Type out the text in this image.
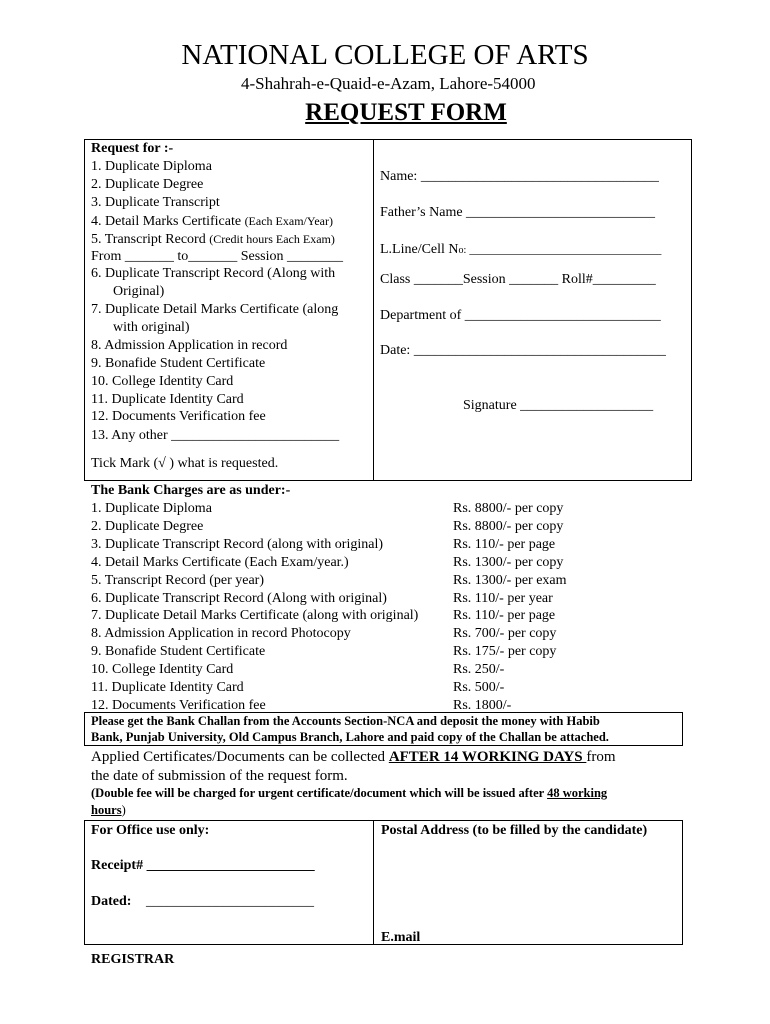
NATIONAL COLLEGE OF ARTS
4-Shahrah-e-Quaid-e-Azam, Lahore-54000
REQUEST FORM
Request for :-
1. Duplicate Diploma
2. Duplicate Degree
3. Duplicate Transcript
4. Detail Marks Certificate (Each Exam/Year)
5. Transcript Record (Credit hours Each Exam)
From _______ to_______ Session ________
6. Duplicate Transcript Record (Along with
Original)
7. Duplicate Detail Marks Certificate (along
with original)
8. Admission Application in record
9. Bonafide Student Certificate
10. College Identity Card
11. Duplicate Identity Card
12. Documents Verification fee
13. Any other ________________________
Tick Mark (√ ) what is requested.
Name: __________________________________
Father’s Name ___________________________
L.Line/Cell No: ________________________________
Class _______Session _______ Roll#_________
Department of ____________________________
Date: ____________________________________
Signature ___________________
The Bank Charges are as under:-
1. Duplicate Diploma	Rs. 8800/- per copy
2. Duplicate Degree	Rs. 8800/- per copy
3. Duplicate Transcript Record (along with original)	Rs. 110/- per page
4. Detail Marks Certificate (Each Exam/year.)	Rs. 1300/- per copy
5. Transcript Record (per year)	Rs. 1300/- per exam
6. Duplicate Transcript Record (Along with original)	Rs. 110/- per year
7. Duplicate Detail Marks Certificate (along with original) Rs. 110/- per page
8. Admission Application in record Photocopy	Rs. 700/- per copy
9. Bonafide Student Certificate	Rs. 175/- per copy
10. College Identity Card	Rs. 250/-
11. Duplicate Identity Card	Rs. 500/-
12. Documents Verification fee	Rs. 1800/-
Please get the Bank Challan from the Accounts Section-NCA and deposit the money with Habib
Bank, Punjab University, Old Campus Branch, Lahore and paid copy of the Challan be attached.
Applied Certificates/Documents can be collected AFTER 14 WORKING DAYS from
the date of submission of the request form.
(Double fee will be charged for urgent certificate/document which will be issued after 48 working
hours)
For Office use only:
Receipt# ________________________
Dated: ________________________
Postal Address (to be filled by the candidate)
E.mail
REGISTRAR
